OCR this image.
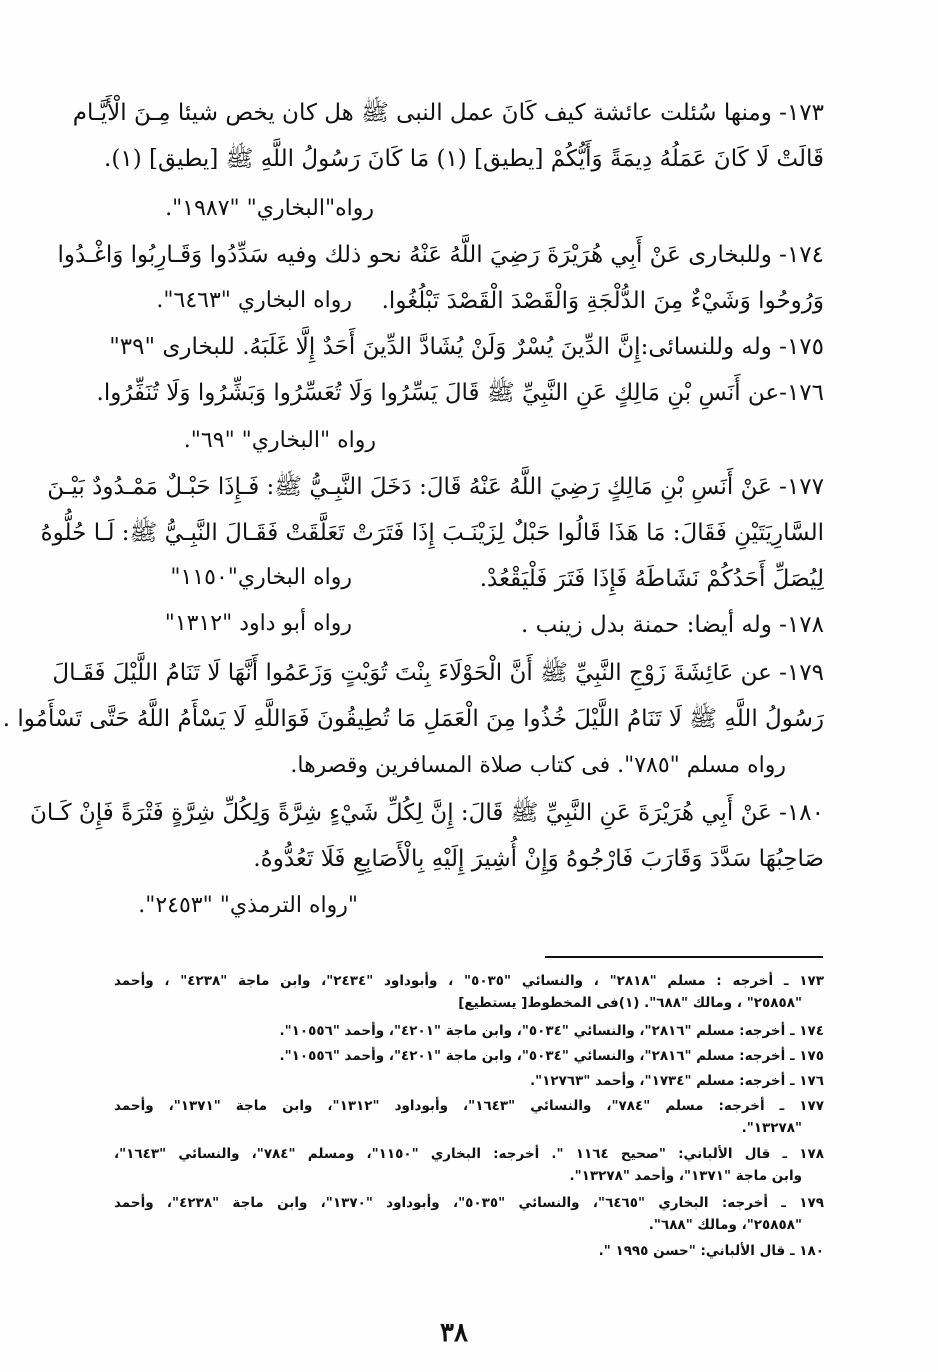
١٧٣- ومنها سُئلت عائشة كيف كَانَ عمل النبى ﷺ هل كان يخص شيئا مِـنَ الْأَيَّـام
قَالَتْ لَا كَانَ عَمَلُهُ دِيمَةً وَأَيُّكُمْ [يطيق] (١) مَا كَانَ رَسُولُ اللَّهِ ﷺ [يطيق] (١).
رواه"البخاري" "١٩٨٧".
١٧٤- وللبخارى عَنْ أَبِي هُرَيْرَةَ رَضِيَ اللَّهُ عَنْهُ نحو ذلك وفيه سَدِّدُوا وَقَـارِبُوا وَاغْـدُوا
وَرُوحُوا وَشَيْءٌ مِنَ الدُّلْجَةِ وَالْقَصْدَ الْقَصْدَ تَبْلُغُوا.
رواه البخاري "٦٤٦٣".
١٧٥- وله وللنسائى:إِنَّ الدِّينَ يُسْرٌ وَلَنْ يُشَادَّ الدِّينَ أَحَدٌ إِلَّا غَلَبَهُ. للبخارى "٣٩"
١٧٦-عن أَنَسِ بْنِ مَالِكٍ عَنِ النَّبِيِّ ﷺ قَالَ يَسِّرُوا وَلَا تُعَسِّرُوا وَبَشِّرُوا وَلَا تُنَفِّرُوا.
رواه "البخاري" "٦٩".
١٧٧- عَنْ أَنَسِ بْنِ مَالِكٍ رَضِيَ اللَّهُ عَنْهُ قَالَ: دَخَلَ النَّبِـيُّ ﷺ: فَـإِذَا حَبْـلٌ مَمْـدُودٌ بَيْـنَ
السَّارِيَتَيْنِ فَقَالَ: مَا هَذَا قَالُوا حَبْلٌ لِزَيْنَـبَ إِذَا فَتَرَتْ تَعَلَّقَتْ فَقَـالَ النَّبِـيُّ ﷺ: لَـا حُلُّوهُ
لِيُصَلِّ أَحَدُكُمْ نَشَاطَهُ فَإِذَا فَتَرَ فَلْيَقْعُدْ.
رواه البخاري"١١٥٠"
١٧٨- وله أيضا: حمنة بدل زينب .
رواه أبو داود "١٣١٢"
١٧٩- عن عَائِشَةَ زَوْجِ النَّبِيِّ ﷺ أَنَّ الْحَوْلَاءَ بِنْتَ تُوَيْتٍ وَزَعَمُوا أَنَّهَا لَا تَنَامُ اللَّيْلَ فَقَـالَ
رَسُولُ اللَّهِ ﷺ لَا تَنَامُ اللَّيْلَ خُذُوا مِنَ الْعَمَلِ مَا تُطِيقُونَ فَوَاللَّهِ لَا يَسْأَمُ اللَّهُ حَتَّى تَسْأَمُوا .
رواه مسلم "٧٨٥". فى كتاب صلاة المسافرين وقصرها.
١٨٠- عَنْ أَبِي هُرَيْرَةَ عَنِ النَّبِيِّ ﷺ قَالَ: إِنَّ لِكُلِّ شَيْءٍ شِرَّةً وَلِكُلِّ شِرَّةٍ فَتْرَةً فَإِنْ كَـانَ
صَاحِبُهَا سَدَّدَ وَقَارَبَ فَارْجُوهُ وَإِنْ أُشِيرَ إِلَيْهِ بِالْأَصَابِعِ فَلَا تَعُدُّوهُ.
"رواه الترمذي" "٢٤٥٣".
١٧٣ ـ أخرجه : مسلم "٢٨١٨" ، والنسائي "٥٠٣٥" ، وأبوداود "٢٤٣٤"، وابن ماجة "٤٢٣٨" ، وأحمد
"٢٥٨٥٨" ، ومالك "٦٨٨". (١)فى المخطوط[ يستطيع]
١٧٤ ـ أخرجه: مسلم "٢٨١٦"، والنسائي "٥٠٣٤"، وابن ماجة "٤٢٠١"، وأحمد "١٠٥٥٦".
١٧٥ ـ أخرجه: مسلم "٢٨١٦"، والنسائي "٥٠٣٤"، وابن ماجة "٤٢٠١"، وأحمد "١٠٥٥٦".
١٧٦ ـ أخرجه: مسلم "١٧٣٤"، وأحمد "١٢٧٦٣".
١٧٧ ـ أخرجه: مسلم "٧٨٤"، والنسائي "١٦٤٣"، وأبوداود "١٣١٢"، وابن ماجة "١٣٧١"، وأحمد
"١٣٢٧٨".
١٧٨ ـ قال الألباني: "صحيح ١١٦٤ ". أخرجه: البخاري "١١٥٠"، ومسلم "٧٨٤"، والنسائي "١٦٤٣"،
وابن ماجة "١٣٧١"، وأحمد "١٣٢٧٨".
١٧٩ ـ أخرجه: البخاري "٦٤٦٥"، والنسائي "٥٠٣٥"، وأبوداود "١٣٧٠"، وابن ماجة "٤٢٣٨"، وأحمد
"٢٥٨٥٨"، ومالك "٦٨٨".
١٨٠ ـ قال الألباني: "حسن ١٩٩٥ ".
٣٨
